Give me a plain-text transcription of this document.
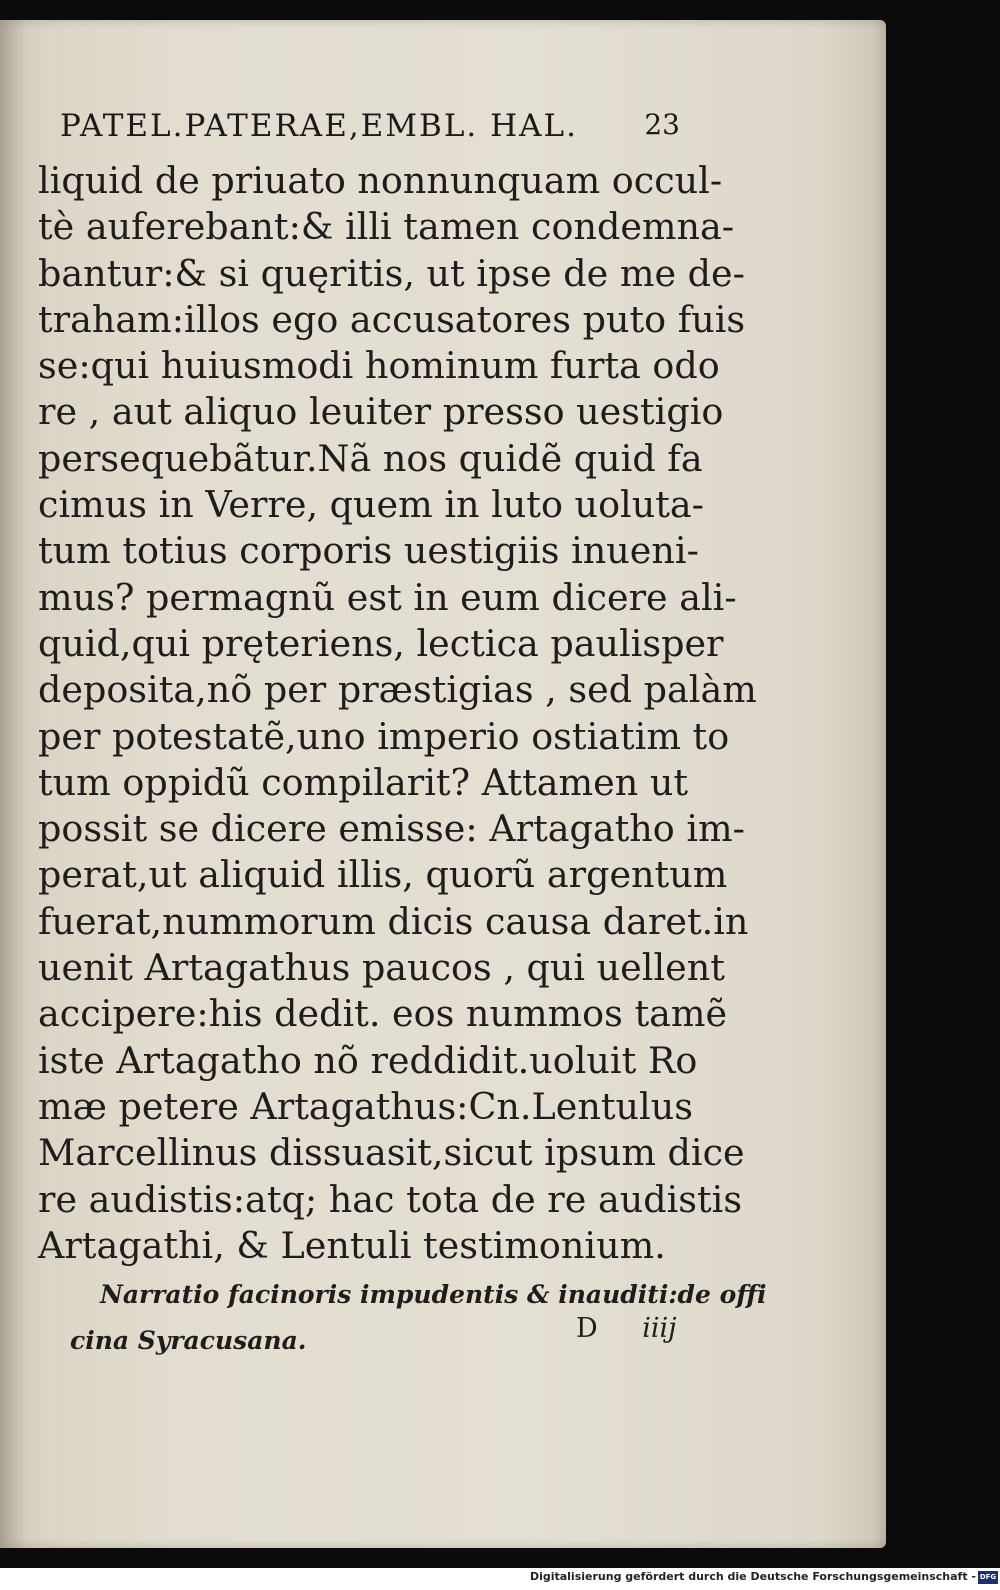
PATEL.PATERAE,EMBL. HAL. 23
liquid de priuato nonnunquam occul-
tè auferebant:& illi tamen condemna-
bantur:& si quęritis, ut ipse de me de-
traham:illos ego accusatores puto fuis
se:qui huiusmodi hominum furta odo
re , aut aliquo leuiter presso uestigio
persequebãtur.Nã nos quidẽ quid fa
cimus in Verre, quem in luto uoluta-
tum totius corporis uestigiis inueni-
mus? permagnũ est in eum dicere ali-
quid,qui pręteriens, lectica paulisper
deposita,nõ per præstigias , sed palàm
per potestatẽ,uno imperio ostiatim to
tum oppidũ compilarit? Attamen ut
possit se dicere emisse: Artagatho im-
perat,ut aliquid illis, quorũ argentum
fuerat,nummorum dicis causa daret.in
uenit Artagathus paucos , qui uellent
accipere:his dedit. eos nummos tamẽ
iste Artagatho nõ reddidit.uoluit Ro
mæ petere Artagathus:Cn.Lentulus
Marcellinus dissuasit,sicut ipsum dice
re audistis:atq; hac tota de re audistis
Artagathi, & Lentuli testimonium.
Narratio facinoris impudentis & inauditi:de offi
cina Syracusana.	D iiij
Digitalisierung gefördert durch die Deutsche Forschungsgemeinschaft - DFG
